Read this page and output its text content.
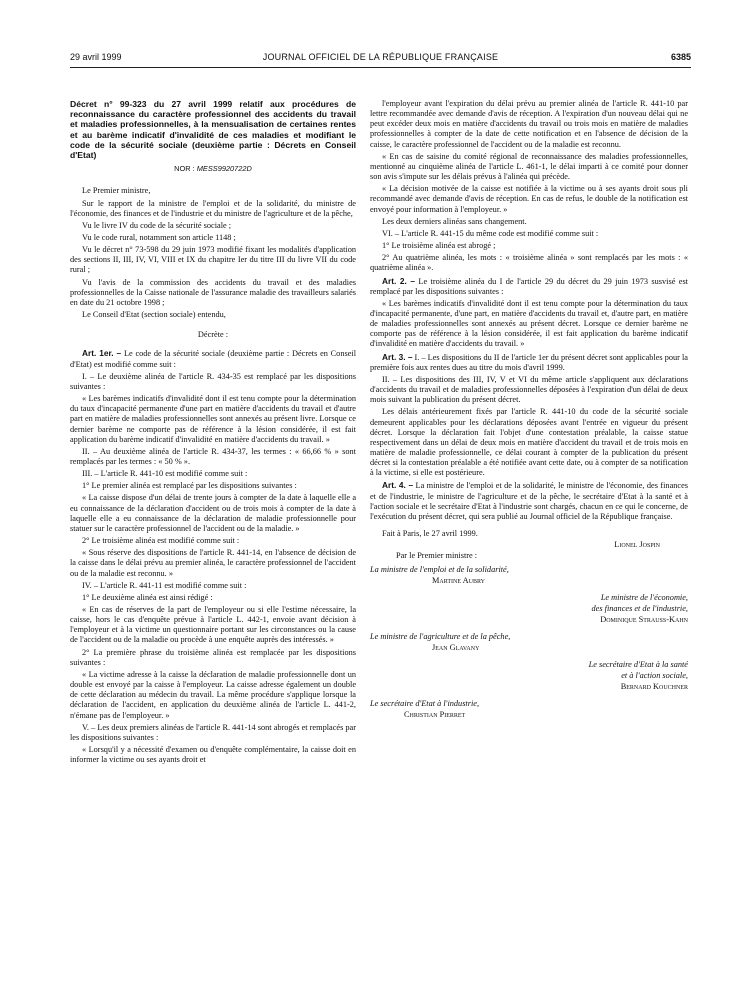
29 avril 1999	JOURNAL OFFICIEL DE LA RÉPUBLIQUE FRANÇAISE	6385
Décret n° 99-323 du 27 avril 1999 relatif aux procédures de reconnaissance du caractère professionnel des accidents du travail et maladies professionnelles, à la mensualisation de certaines rentes et au barème indicatif d'invalidité de ces maladies et modifiant le code de la sécurité sociale (deuxième partie : Décrets en Conseil d'Etat)
NOR : MESS9920722D

Le Premier ministre,

Sur le rapport de la ministre de l'emploi et de la solidarité, du ministre de l'économie, des finances et de l'industrie et du ministre de l'agriculture et de la pêche,

Vu le livre IV du code de la sécurité sociale ;

Vu le code rural, notamment son article 1148 ;

Vu le décret n° 73-598 du 29 juin 1973 modifié fixant les modalités d'application des sections II, III, IV, VI, VIII et IX du chapitre Ier du titre III du livre VII du code rural ;

Vu l'avis de la commission des accidents du travail et des maladies professionnelles de la Caisse nationale de l'assurance maladie des travailleurs salariés en date du 21 octobre 1998 ;

Le Conseil d'Etat (section sociale) entendu,

Décrète :

Art. 1er. – Le code de la sécurité sociale (deuxième partie : Décrets en Conseil d'Etat) est modifié comme suit :

I. – Le deuxième alinéa de l'article R. 434-35 est remplacé par les dispositions suivantes :

« Les barèmes indicatifs d'invalidité dont il est tenu compte pour la détermination du taux d'incapacité permanente d'une part en matière d'accidents du travail et d'autre part en matière de maladies professionnelles sont annexés au présent livre. Lorsque ce dernier barème ne comporte pas de référence à la lésion considérée, il est fait application du barème indicatif d'invalidité en matière d'accidents du travail. »

II. – Au deuxième alinéa de l'article R. 434-37, les termes : « 66,66 % » sont remplacés par les termes : « 50 % ».

III. – L'article R. 441-10 est modifié comme suit :

1° Le premier alinéa est remplacé par les dispositions suivantes :

« La caisse dispose d'un délai de trente jours à compter de la date à laquelle elle a eu connaissance de la déclaration d'accident ou de trois mois à compter de la date à laquelle elle a eu connaissance de la déclaration de maladie professionnelle pour statuer sur le caractère professionnel de l'accident ou de la maladie. »

2° Le troisième alinéa est modifié comme suit :

« Sous réserve des dispositions de l'article R. 441-14, en l'absence de décision de la caisse dans le délai prévu au premier alinéa, le caractère professionnel de l'accident ou de la maladie est reconnu. »

IV. – L'article R. 441-11 est modifié comme suit :

1° Le deuxième alinéa est ainsi rédigé :

« En cas de réserves de la part de l'employeur ou si elle l'estime nécessaire, la caisse, hors le cas d'enquête prévue à l'article L. 442-1, envoie avant décision à l'employeur et à la victime un questionnaire portant sur les circonstances ou la cause de l'accident ou de la maladie ou procède à une enquête auprès des intéressés. »

2° La première phrase du troisième alinéa est remplacée par les dispositions suivantes :

« La victime adresse à la caisse la déclaration de maladie professionnelle dont un double est envoyé par la caisse à l'employeur. La caisse adresse également un double de cette déclaration au médecin du travail. La même procédure s'applique lorsque la déclaration de l'accident, en application du deuxième alinéa de l'article L. 441-2, n'émane pas de l'employeur. »

V. – Les deux premiers alinéas de l'article R. 441-14 sont abrogés et remplacés par les dispositions suivantes :

« Lorsqu'il y a nécessité d'examen ou d'enquête complémentaire, la caisse doit en informer la victime ou ses ayants droit et

l'employeur avant l'expiration du délai prévu au premier alinéa de l'article R. 441-10 par lettre recommandée avec demande d'avis de réception. A l'expiration d'un nouveau délai qui ne peut excéder deux mois en matière d'accidents du travail ou trois mois en matière de maladies professionnelles à compter de la date de cette notification et en l'absence de décision de la caisse, le caractère professionnel de l'accident ou de la maladie est reconnu.

« En cas de saisine du comité régional de reconnaissance des maladies professionnelles, mentionné au cinquième alinéa de l'article L. 461-1, le délai imparti à ce comité pour donner son avis s'impute sur les délais prévus à l'alinéa qui précède.

« La décision motivée de la caisse est notifiée à la victime ou à ses ayants droit sous pli recommandé avec demande d'avis de réception. En cas de refus, le double de la notification est envoyé pour information à l'employeur. »

Les deux derniers alinéas sans changement.

VI. – L'article R. 441-15 du même code est modifié comme suit :

1° Le troisième alinéa est abrogé ;

2° Au quatrième alinéa, les mots : « troisième alinéa » sont remplacés par les mots : « quatrième alinéa ».

Art. 2. – Le troisième alinéa du I de l'article 29 du décret du 29 juin 1973 susvisé est remplacé par les dispositions suivantes :

« Les barèmes indicatifs d'invalidité dont il est tenu compte pour la détermination du taux d'incapacité permanente, d'une part, en matière d'accidents du travail et, d'autre part, en matière de maladies professionnelles sont annexés au présent décret. Lorsque ce dernier barème ne comporte pas de référence à la lésion considérée, il est fait application du barème indicatif d'invalidité en matière d'accidents du travail. »

Art. 3. – I. – Les dispositions du II de l'article 1er du présent décret sont applicables pour la première fois aux rentes dues au titre du mois d'avril 1999.

II. – Les dispositions des III, IV, V et VI du même article s'appliquent aux déclarations d'accidents du travail et de maladies professionnelles déposées à l'expiration d'un délai de deux mois suivant la publication du présent décret.

Les délais antérieurement fixés par l'article R. 441-10 du code de la sécurité sociale demeurent applicables pour les déclarations déposées avant l'entrée en vigueur du présent décret. Lorsque la déclaration fait l'objet d'une contestation préalable, la caisse statue respectivement dans un délai de deux mois en matière d'accident du travail et de trois mois en matière de maladie professionnelle, ce délai courant à compter de la publication du présent décret si la contestation préalable a été notifiée avant cette date, ou à compter de sa notification à la victime, si elle est postérieure.

Art. 4. – La ministre de l'emploi et de la solidarité, le ministre de l'économie, des finances et de l'industrie, le ministre de l'agriculture et de la pêche, le secrétaire d'Etat à la santé et à l'action sociale et le secrétaire d'Etat à l'industrie sont chargés, chacun en ce qui le concerne, de l'exécution du présent décret, qui sera publié au Journal officiel de la République française.

Fait à Paris, le 27 avril 1999.
Lionel Jospin
Par le Premier ministre :
La ministre de l'emploi et de la solidarité,
Martine Aubry
Le ministre de l'économie,
des finances et de l'industrie,
Dominique Strauss-Kahn
Le ministre de l'agriculture et de la pêche,
Jean Glavany
Le secrétaire d'Etat à la santé
et à l'action sociale,
Bernard Kouchner
Le secrétaire d'Etat à l'industrie,
Christian Pierret
